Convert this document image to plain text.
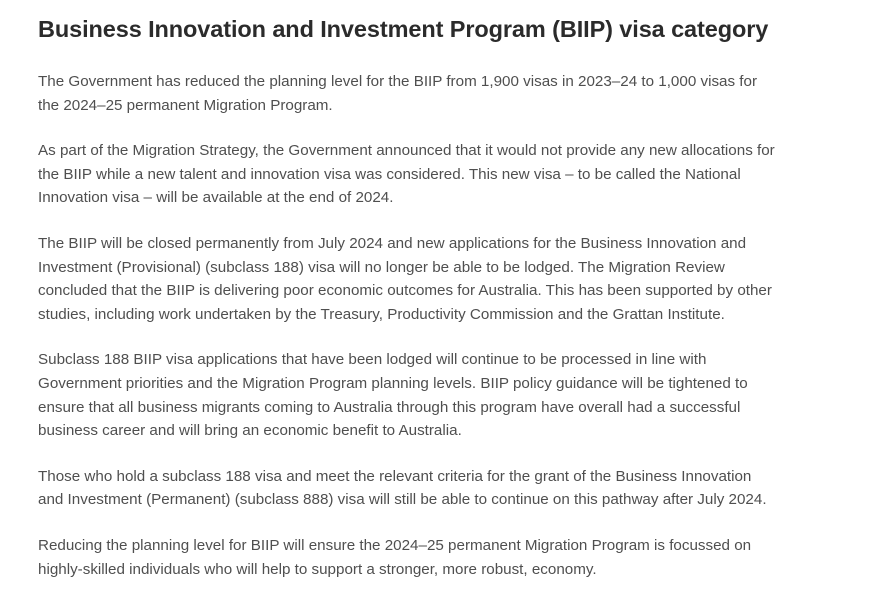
Business Innovation and Investment Program (BIIP) visa category

The Government has reduced the planning level for the BIIP from 1,900 visas in 2023–24 to 1,000 visas for the 2024–25 permanent Migration Program.

As part of the Migration Strategy, the Government announced that it would not provide any new allocations for the BIIP while a new talent and innovation visa was considered. This new visa – to be called the National Innovation visa – will be available at the end of 2024.

The BIIP will be closed permanently from July 2024 and new applications for the Business Innovation and Investment (Provisional) (subclass 188) visa will no longer be able to be lodged. The Migration Review concluded that the BIIP is delivering poor economic outcomes for Australia. This has been supported by other studies, including work undertaken by the Treasury, Productivity Commission and the Grattan Institute.

Subclass 188 BIIP visa applications that have been lodged will continue to be processed in line with Government priorities and the Migration Program planning levels. BIIP policy guidance will be tightened to ensure that all business migrants coming to Australia through this program have overall had a successful business career and will bring an economic benefit to Australia.

Those who hold a subclass 188 visa and meet the relevant criteria for the grant of the Business Innovation and Investment (Permanent) (subclass 888) visa will still be able to continue on this pathway after July 2024.

Reducing the planning level for BIIP will ensure the 2024–25 permanent Migration Program is focussed on highly-skilled individuals who will help to support a stronger, more robust, economy.
